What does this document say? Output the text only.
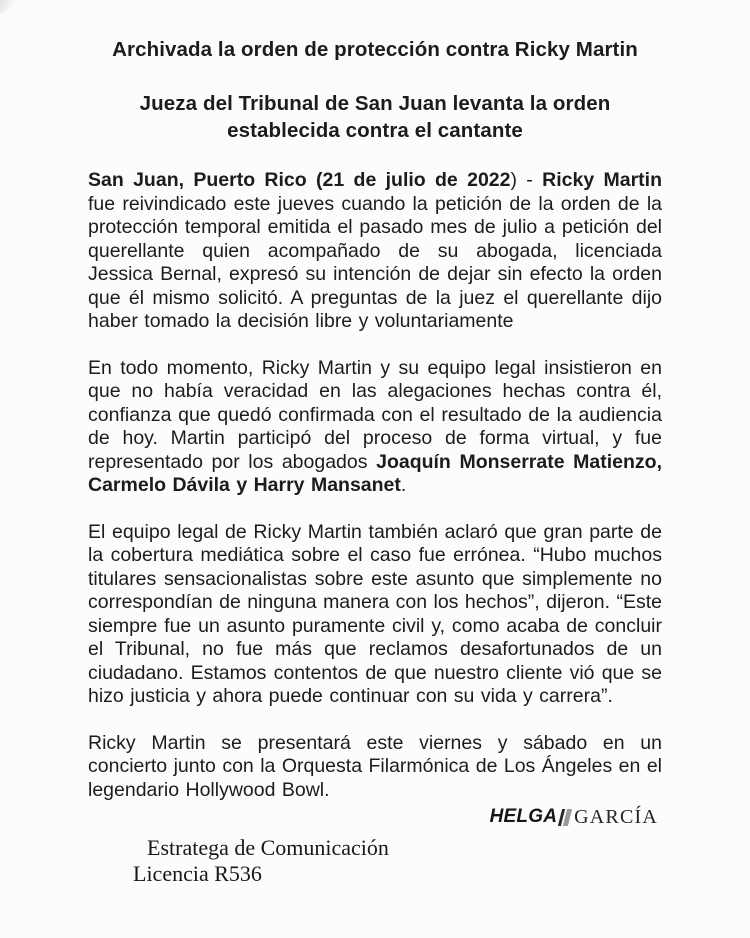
Archivada la orden de protección contra Ricky Martin
Jueza del Tribunal de San Juan levanta la orden
establecida contra el cantante

San Juan, Puerto Rico (21 de julio de 2022) - Ricky Martin fue reivindicado este jueves cuando la petición de la orden de la protección temporal emitida el pasado mes de julio a petición del querellante quien acompañado de su abogada, licenciada Jessica Bernal, expresó su intención de dejar sin efecto la orden que él mismo solicitó. A preguntas de la juez el querellante dijo haber tomado la decisión libre y voluntariamente

En todo momento, Ricky Martin y su equipo legal insistieron en que no había veracidad en las alegaciones hechas contra él, confianza que quedó confirmada con el resultado de la audiencia de hoy. Martin participó del proceso de forma virtual, y fue representado por los abogados Joaquín Monserrate Matienzo, Carmelo Dávila y Harry Mansanet.

El equipo legal de Ricky Martin también aclaró que gran parte de la cobertura mediática sobre el caso fue errónea. “Hubo muchos titulares sensacionalistas sobre este asunto que simplemente no correspondían de ninguna manera con los hechos”, dijeron. “Este siempre fue un asunto puramente civil y, como acaba de concluir el Tribunal, no fue más que reclamos desafortunados de un ciudadano. Estamos contentos de que nuestro cliente vió que se hizo justicia y ahora puede continuar con su vida y carrera”.

Ricky Martin se presentará este viernes y sábado en un concierto junto con la Orquesta Filarmónica de Los Ángeles en el legendario Hollywood Bowl.

HELGA GARCÍA
Estratega de Comunicación
Licencia R536
